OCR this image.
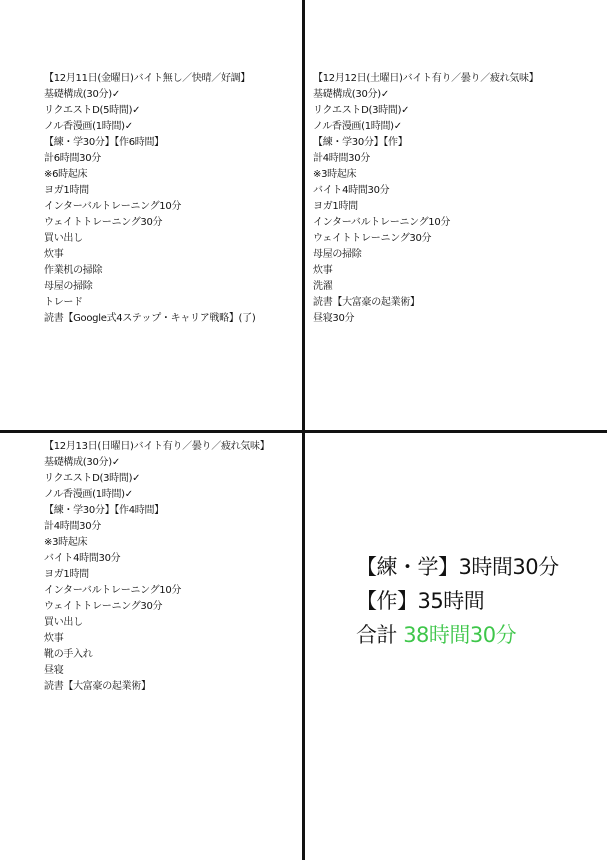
【12月11日(金曜日)バイト無し／快晴／好調】
基礎構成(30分)✓
リクエストD(5時間)✓
ノル香漫画(1時間)✓
【練・学30分】【作6時間】
計6時間30分
※6時起床
ヨガ1時間
インターバルトレーニング10分
ウェイトトレーニング30分
買い出し
炊事
作業机の掃除
母屋の掃除
トレード
読書【Google式4ステップ・キャリア戦略】(了)
【12月12日(土曜日)バイト有り／曇り／疲れ気味】
基礎構成(30分)✓
リクエストD(3時間)✓
ノル香漫画(1時間)✓
【練・学30分】【作】
計4時間30分
※3時起床
バイト4時間30分
ヨガ1時間
インターバルトレーニング10分
ウェイトトレーニング30分
母屋の掃除
炊事
洗濯
読書【大富豪の起業術】
昼寝30分
【12月13日(日曜日)バイト有り／曇り／疲れ気味】
基礎構成(30分)✓
リクエストD(3時間)✓
ノル香漫画(1時間)✓
【練・学30分】【作4時間】
計4時間30分
※3時起床
バイト4時間30分
ヨガ1時間
インターバルトレーニング10分
ウェイトトレーニング30分
買い出し
炊事
靴の手入れ
昼寝
読書【大富豪の起業術】
【練・学】3時間30分
【作】35時間
合計 38時間30分
